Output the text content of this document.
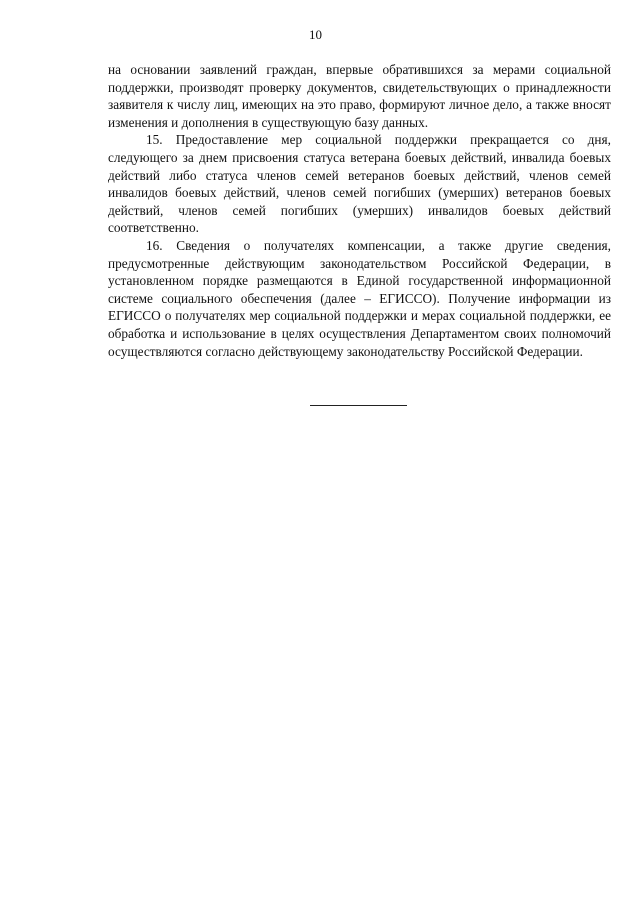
10

на основании заявлений граждан, впервые обратившихся за мерами социальной поддержки, производят проверку документов, свидетельствующих о принадлежности заявителя к числу лиц, имеющих на это право, формируют личное дело, а также вносят изменения и дополнения в существующую базу данных.

15. Предоставление мер социальной поддержки прекращается со дня, следующего за днем присвоения статуса ветерана боевых действий, инвалида боевых действий либо статуса членов семей ветеранов боевых действий, членов семей инвалидов боевых действий, членов семей погибших (умерших) ветеранов боевых действий, членов семей погибших (умерших) инвалидов боевых действий соответственно.

16. Сведения о получателях компенсации, а также другие сведения, предусмотренные действующим законодательством Российской Федерации, в установленном порядке размещаются в Единой государственной информационной системе социального обеспечения (далее – ЕГИССО). Получение информации из ЕГИССО о получателях мер социальной поддержки и мерах социальной поддержки, ее обработка и использование в целях осуществления Департаментом своих полномочий осуществляются согласно действующему законодательству Российской Федерации.
